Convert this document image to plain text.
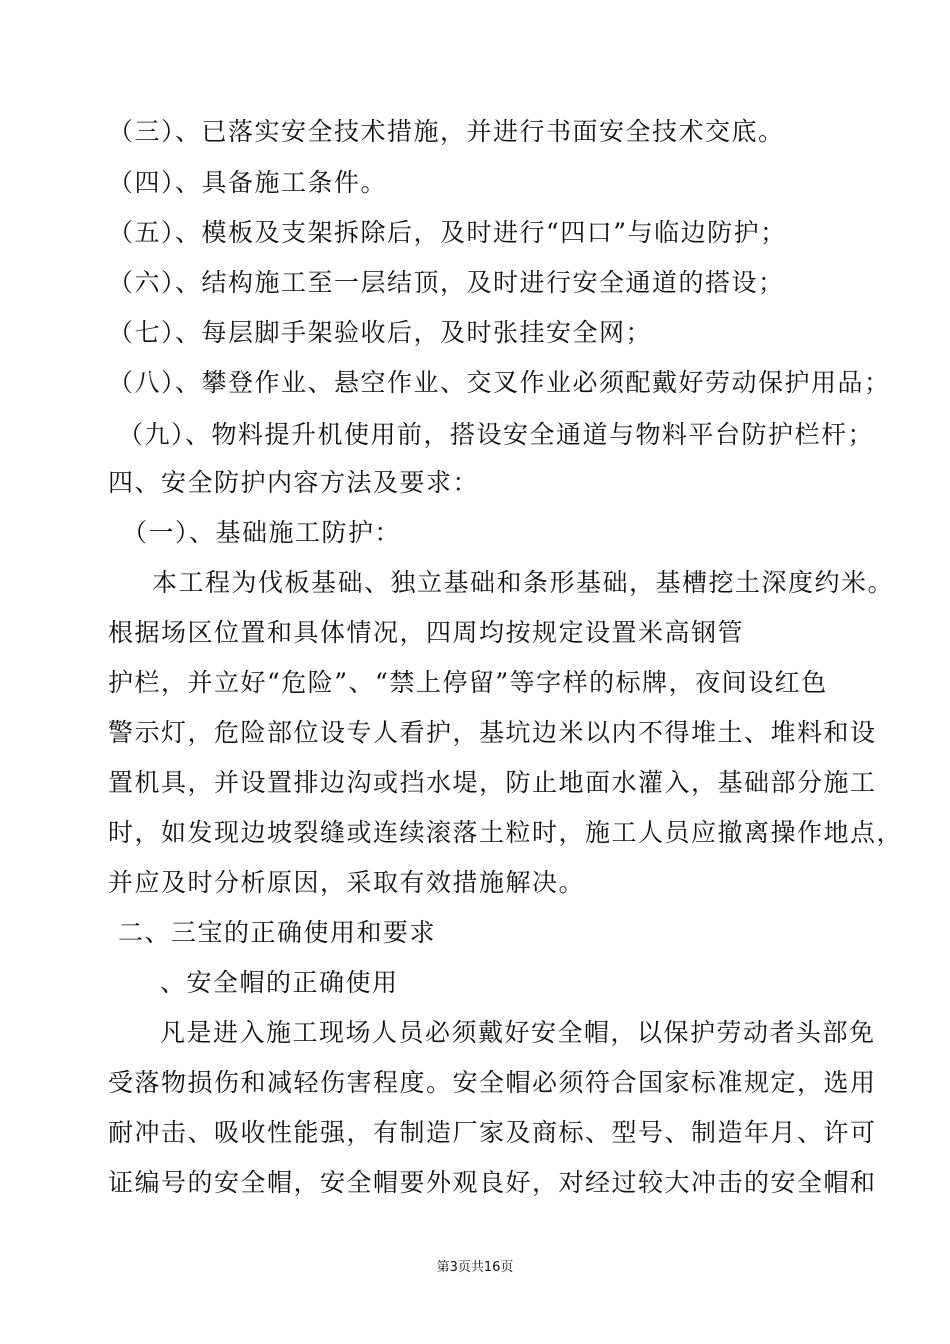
（三）、已落实安全技术措施，并进行书面安全技术交底。
（四）、具备施工条件。
（五）、模板及支架拆除后，及时进行“四口”与临边防护；
（六）、结构施工至一层结顶，及时进行安全通道的搭设；
（七）、每层脚手架验收后，及时张挂安全网；
（八）、攀登作业、悬空作业、交叉作业必须配戴好劳动保护用品；
（九）、物料提升机使用前，搭设安全通道与物料平台防护栏杆；
四、安全防护内容方法及要求：
（一）、基础施工防护：
本工程为伐板基础、独立基础和条形基础，基槽挖土深度约米。
根据场区位置和具体情况，四周均按规定设置米高钢管
护栏，并立好“危险”、“禁上停留”等字样的标牌，夜间设红色
警示灯，危险部位设专人看护，基坑边米以内不得堆土、堆料和设
置机具，并设置排边沟或挡水堤，防止地面水灌入，基础部分施工
时，如发现边坡裂缝或连续滚落土粒时，施工人员应撤离操作地点，
并应及时分析原因，采取有效措施解决。
二、三宝的正确使用和要求
、安全帽的正确使用
凡是进入施工现场人员必须戴好安全帽，以保护劳动者头部免
受落物损伤和减轻伤害程度。安全帽必须符合国家标准规定，选用
耐冲击、吸收性能强，有制造厂家及商标、型号、制造年月、许可
证编号的安全帽，安全帽要外观良好，对经过较大冲击的安全帽和
第3页共16页
